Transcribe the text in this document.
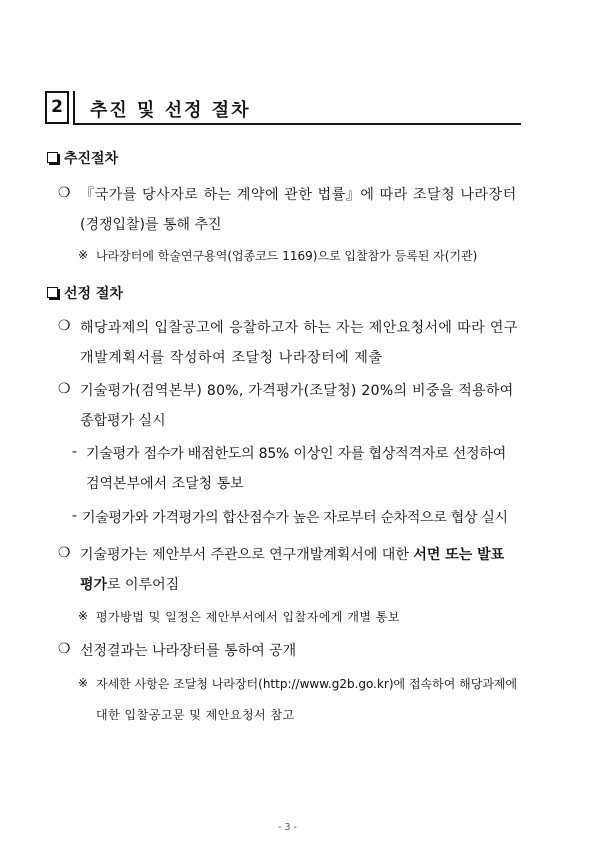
2	추진 및 선정 절차
추진절차
❍ 『국가를 당사자로 하는 계약에 관한 법률』에 따라 조달청 나라장터
(경쟁입찰)를 통해 추진
※ 나라장터에 학술연구용역(업종코드 1169)으로 입찰참가 등록된 자(기관)
선정 절차
❍ 해당과제의 입찰공고에 응찰하고자 하는 자는 제안요청서에 따라 연구
개발계획서를 작성하여 조달청 나라장터에 제출
❍ 기술평가(검역본부) 80%, 가격평가(조달청) 20%의 비중을 적용하여
종합평가 실시
- 기술평가 점수가 배점한도의 85% 이상인 자를 협상적격자로 선정하여
검역본부에서 조달청 통보
- 기술평가와 가격평가의 합산점수가 높은 자로부터 순차적으로 협상 실시
❍ 기술평가는 제안부서 주관으로 연구개발계획서에 대한 서면 또는 발표
평가로 이루어짐
※ 평가방법 및 일정은 제안부서에서 입찰자에게 개별 통보
❍ 선정결과는 나라장터를 통하여 공개
※ 자세한 사항은 조달청 나라장터(http://www.g2b.go.kr)에 접속하여 해당과제에
대한 입찰공고문 및 제안요청서 참고
- 3 -
